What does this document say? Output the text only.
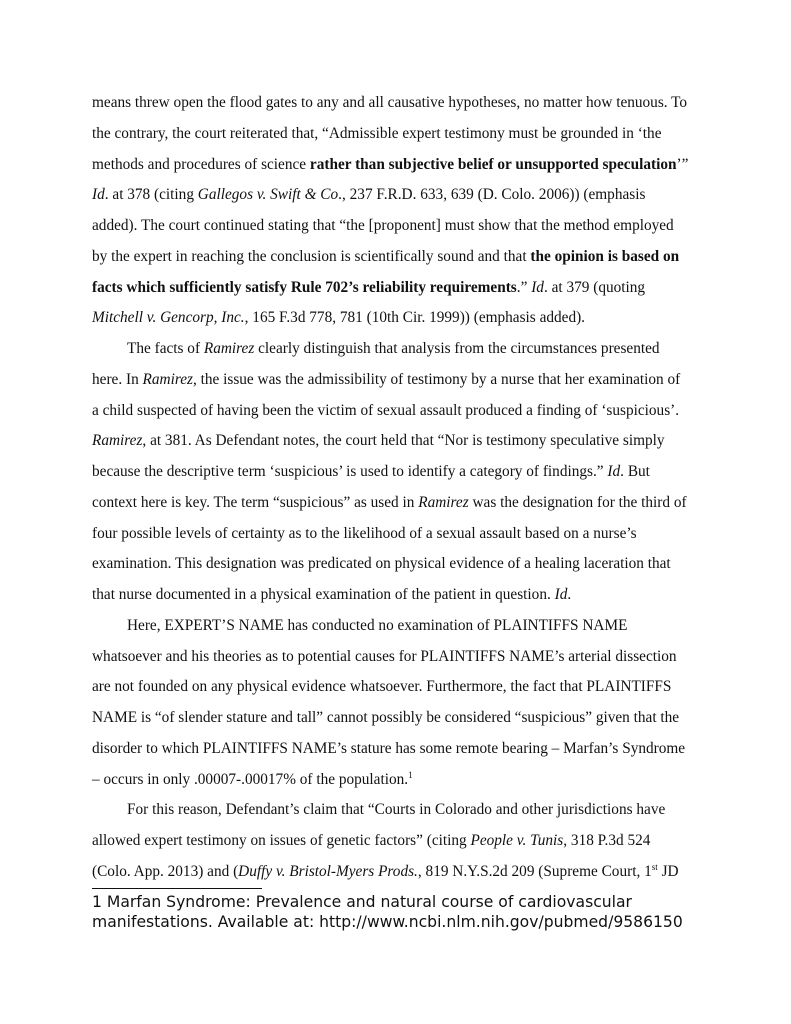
means threw open the flood gates to any and all causative hypotheses, no matter how tenuous. To
the contrary, the court reiterated that, “Admissible expert testimony must be grounded in ‘the
methods and procedures of science rather than subjective belief or unsupported speculation’”
Id. at 378 (citing Gallegos v. Swift & Co., 237 F.R.D. 633, 639 (D. Colo. 2006)) (emphasis
added). The court continued stating that “the [proponent] must show that the method employed
by the expert in reaching the conclusion is scientifically sound and that the opinion is based on
facts which sufficiently satisfy Rule 702’s reliability requirements.” Id. at 379 (quoting
Mitchell v. Gencorp, Inc., 165 F.3d 778, 781 (10th Cir. 1999)) (emphasis added).

The facts of Ramirez clearly distinguish that analysis from the circumstances presented
here. In Ramirez, the issue was the admissibility of testimony by a nurse that her examination of
a child suspected of having been the victim of sexual assault produced a finding of ‘suspicious’.
Ramirez, at 381. As Defendant notes, the court held that “Nor is testimony speculative simply
because the descriptive term ‘suspicious’ is used to identify a category of findings.” Id. But
context here is key. The term “suspicious” as used in Ramirez was the designation for the third of
four possible levels of certainty as to the likelihood of a sexual assault based on a nurse’s
examination. This designation was predicated on physical evidence of a healing laceration that
that nurse documented in a physical examination of the patient in question. Id.

Here, EXPERT’S NAME has conducted no examination of PLAINTIFFS NAME
whatsoever and his theories as to potential causes for PLAINTIFFS NAME’s arterial dissection
are not founded on any physical evidence whatsoever. Furthermore, the fact that PLAINTIFFS
NAME is “of slender stature and tall” cannot possibly be considered “suspicious” given that the
disorder to which PLAINTIFFS NAME’s stature has some remote bearing – Marfan’s Syndrome
– occurs in only .00007-.00017% of the population.$^1$

For this reason, Defendant’s claim that “Courts in Colorado and other jurisdictions have
allowed expert testimony on issues of genetic factors” (citing People v. Tunis, 318 P.3d 524
(Colo. App. 2013) and (Duffy v. Bristol-Myers Prods., 819 N.Y.S.2d 209 (Supreme Court, 1st JD

1 Marfan Syndrome: Prevalence and natural course of cardiovascular
manifestations. Available at: http://www.ncbi.nlm.nih.gov/pubmed/9586150
